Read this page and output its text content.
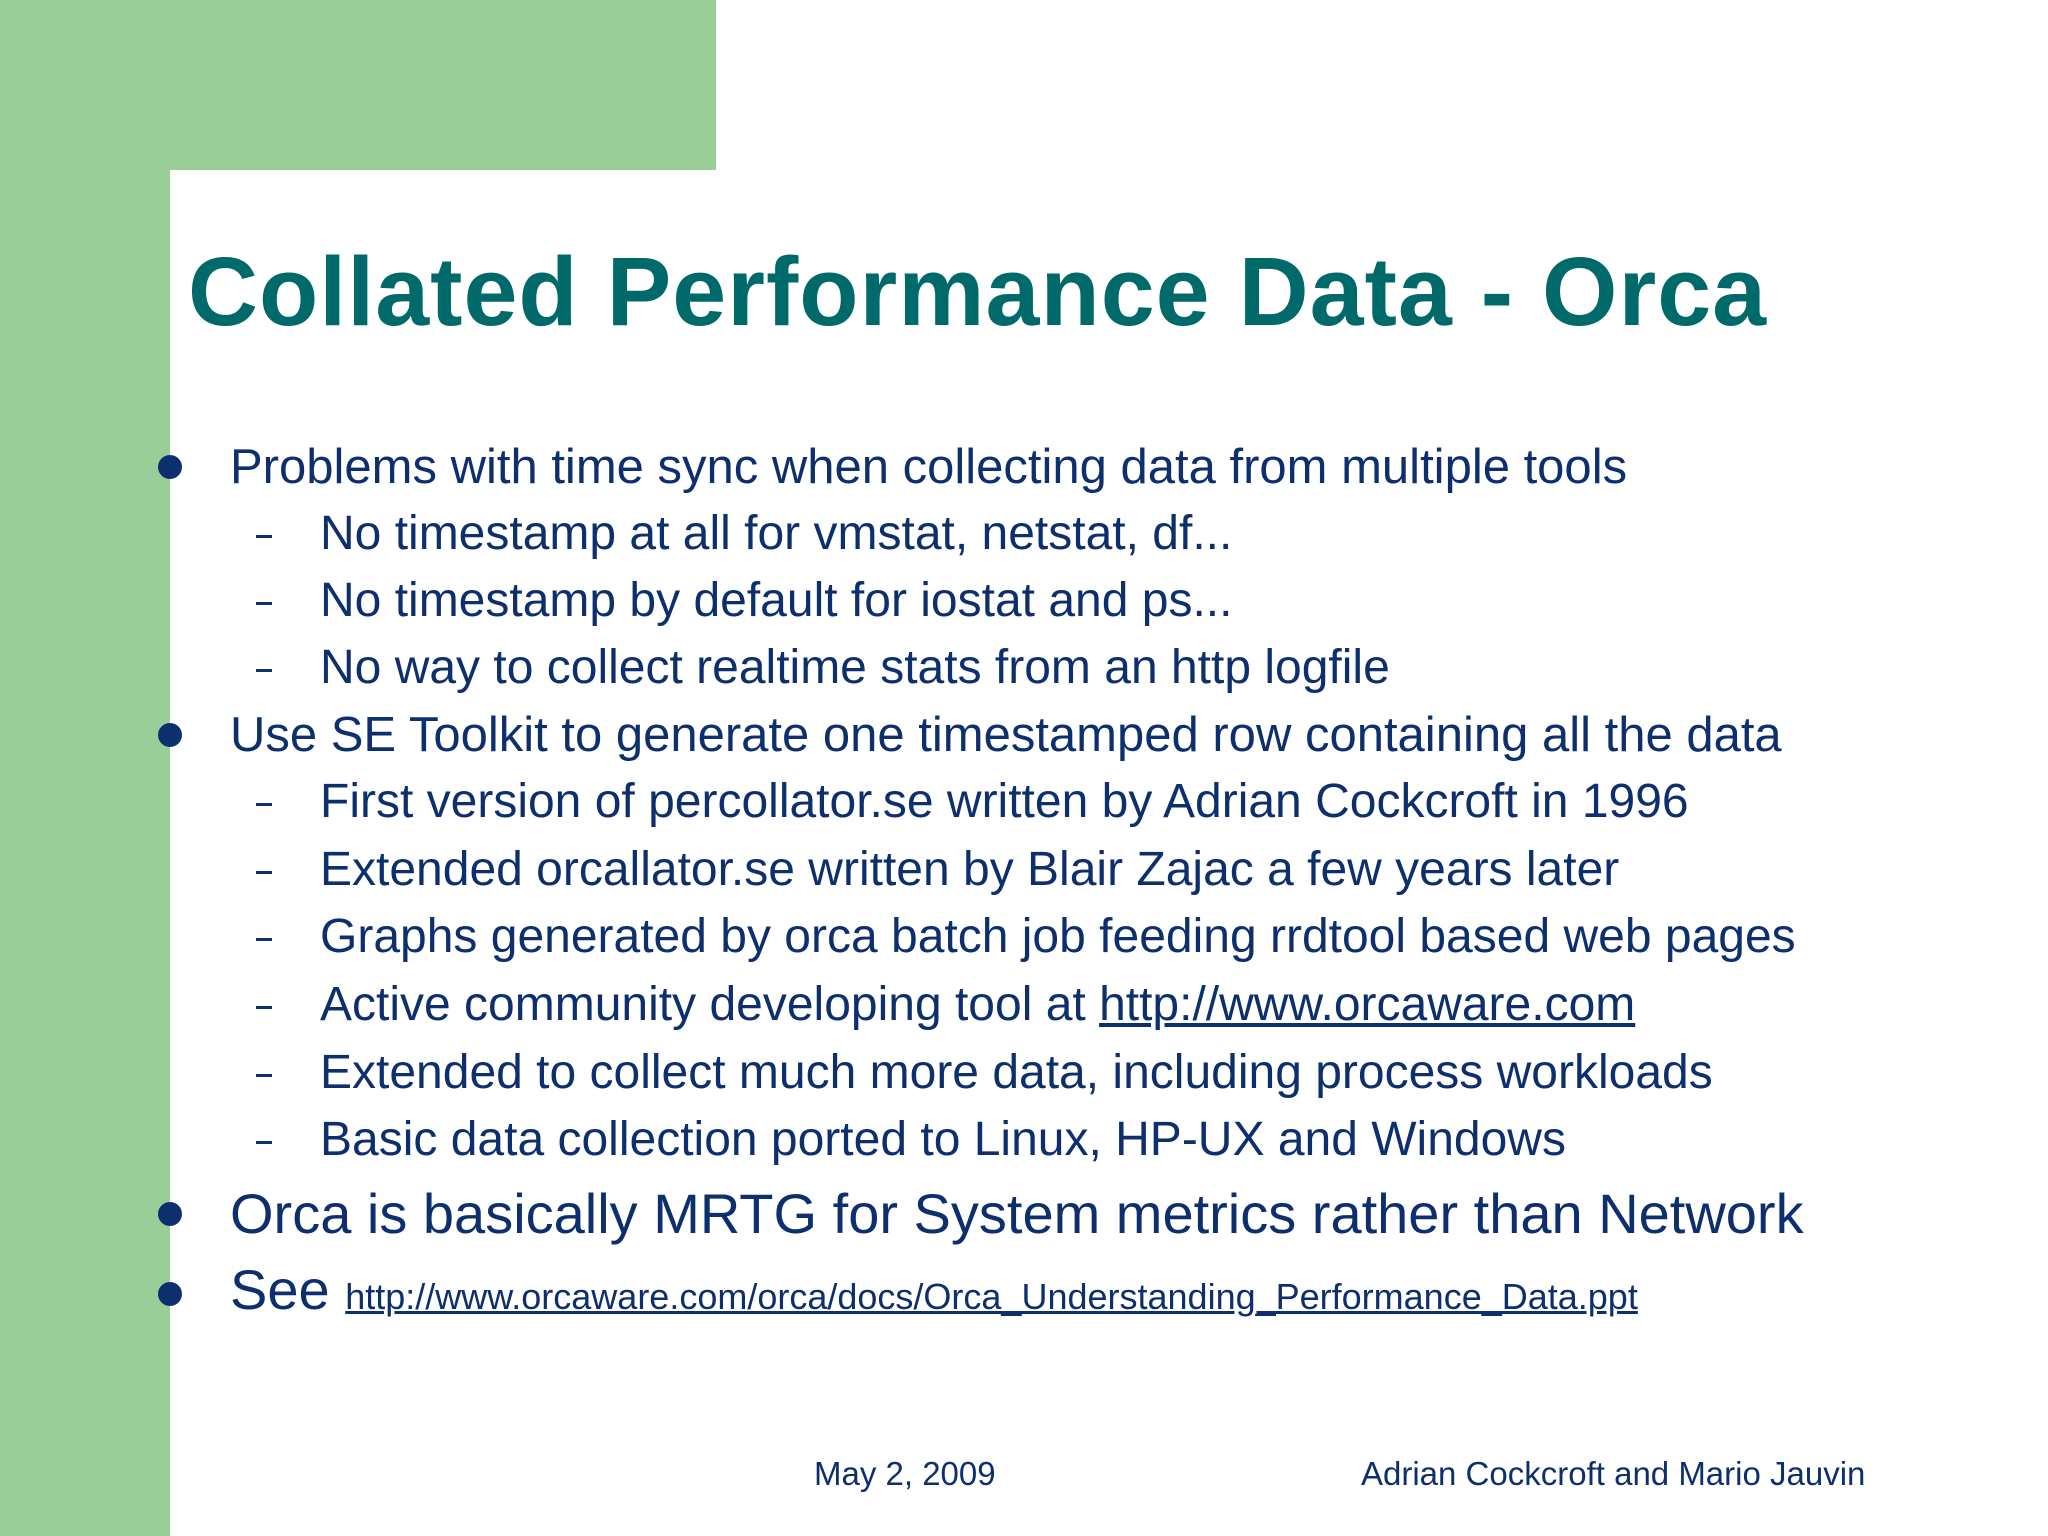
Collated Performance Data - Orca
Problems with time sync when collecting data from multiple tools
No timestamp at all for vmstat, netstat, df...
No timestamp by default for iostat and ps...
No way to collect realtime stats from an http logfile
Use SE Toolkit to generate one timestamped row containing all the data
First version of percollator.se written by Adrian Cockcroft in 1996
Extended orcallator.se written by Blair Zajac a few years later
Graphs generated by orca batch job feeding rrdtool based web pages
Active community developing tool at http://www.orcaware.com
Extended to collect much more data, including process workloads
Basic data collection ported to Linux, HP-UX and Windows
Orca is basically MRTG for System metrics rather than Network
See http://www.orcaware.com/orca/docs/Orca_Understanding_Performance_Data.ppt
May 2, 2009	Adrian Cockcroft and Mario Jauvin
